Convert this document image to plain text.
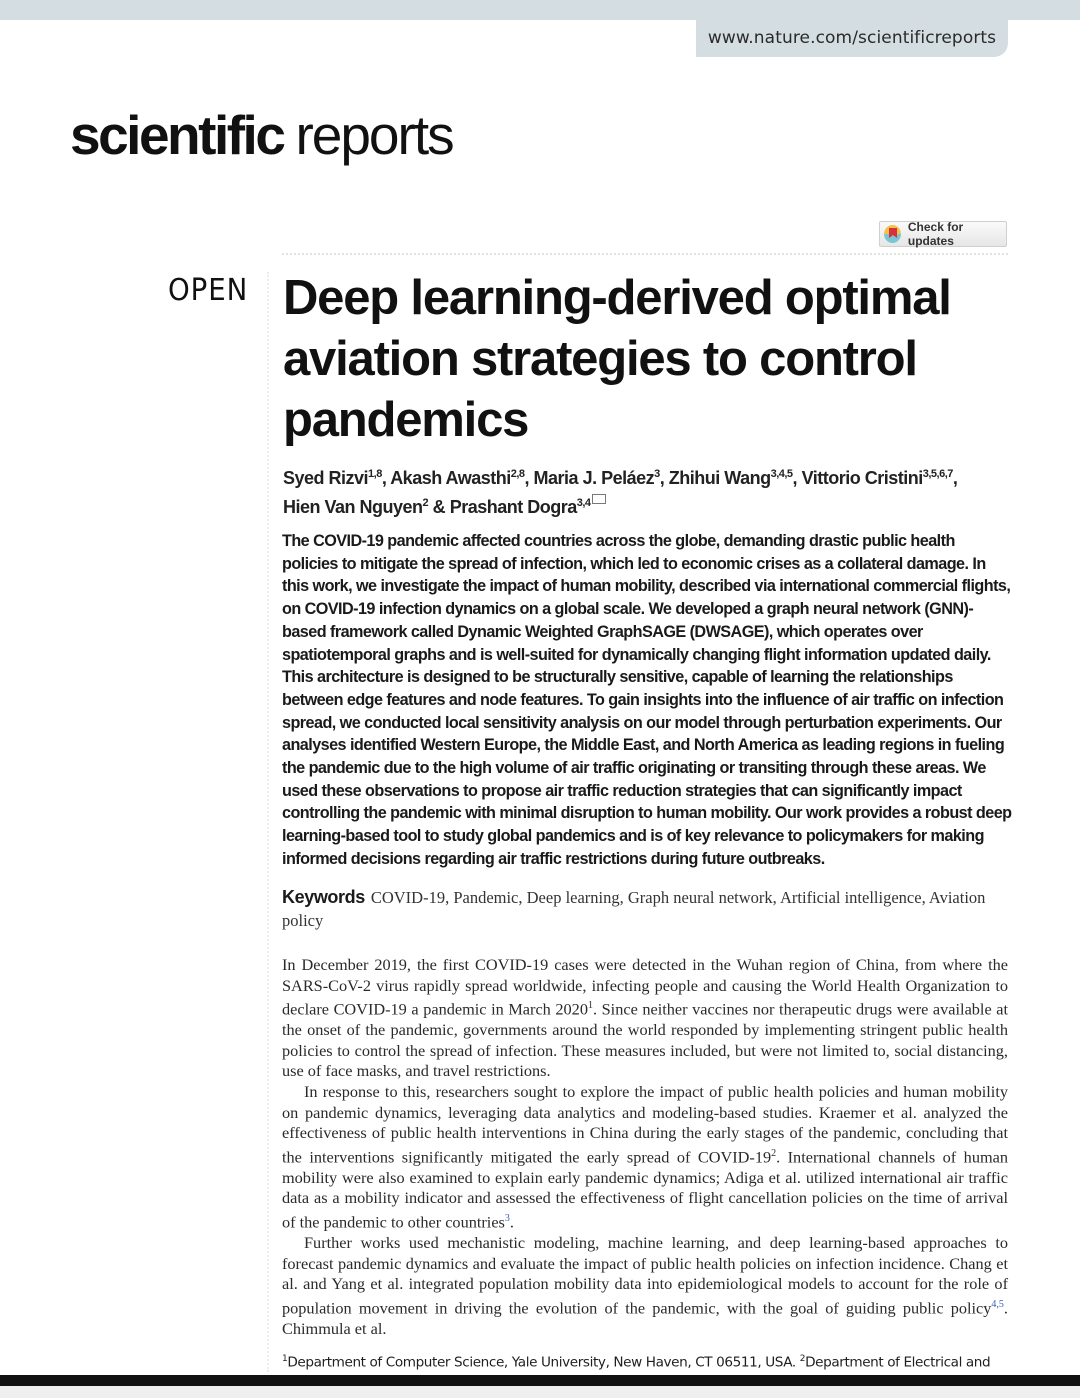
www.nature.com/scientificreports
scientific reports
Check for updates
OPEN Deep learning-derived optimal aviation strategies to control pandemics
Syed Rizvi$^{1,8}$, Akash Awasthi$^{2,8}$, Maria J. Peláez$^3$, Zhihui Wang$^{3,4,5}$, Vittorio Cristini$^{3,5,6,7}$,
Hien Van Nguyen$^2$ & Prashant Dogra$^{3,4}$

The COVID-19 pandemic affected countries across the globe, demanding drastic public health policies to mitigate the spread of infection, which led to economic crises as a collateral damage. In this work, we investigate the impact of human mobility, described via international commercial flights, on COVID-19 infection dynamics on a global scale. We developed a graph neural network (GNN)-based framework called Dynamic Weighted GraphSAGE (DWSAGE), which operates over spatiotemporal graphs and is well-suited for dynamically changing flight information updated daily. This architecture is designed to be structurally sensitive, capable of learning the relationships between edge features and node features. To gain insights into the influence of air traffic on infection spread, we conducted local sensitivity analysis on our model through perturbation experiments. Our analyses identified Western Europe, the Middle East, and North America as leading regions in fueling the pandemic due to the high volume of air traffic originating or transiting through these areas. We used these observations to propose air traffic reduction strategies that can significantly impact controlling the pandemic with minimal disruption to human mobility. Our work provides a robust deep learning-based tool to study global pandemics and is of key relevance to policymakers for making informed decisions regarding air traffic restrictions during future outbreaks.

Keywords COVID-19, Pandemic, Deep learning, Graph neural network, Artificial intelligence, Aviation policy

In December 2019, the first COVID-19 cases were detected in the Wuhan region of China, from where the SARS-CoV-2 virus rapidly spread worldwide, infecting people and causing the World Health Organization to declare COVID-19 a pandemic in March 2020$^1$. Since neither vaccines nor therapeutic drugs were available at the onset of the pandemic, governments around the world responded by implementing stringent public health policies to control the spread of infection. These measures included, but were not limited to, social distancing, use of face masks, and travel restrictions.

In response to this, researchers sought to explore the impact of public health policies and human mobility on pandemic dynamics, leveraging data analytics and modeling-based studies. Kraemer et al. analyzed the effectiveness of public health interventions in China during the early stages of the pandemic, concluding that the interventions significantly mitigated the early spread of COVID-$19^2$. International channels of human mobility were also examined to explain early pandemic dynamics; Adiga et al. utilized international air traffic data as a mobility indicator and assessed the effectiveness of flight cancellation policies on the time of arrival of the pandemic to other countries$^3$.

Further works used mechanistic modeling, machine learning, and deep learning-based approaches to forecast pandemic dynamics and evaluate the impact of public health policies on infection incidence. Chang et al. and Yang et al. integrated population mobility data into epidemiological models to account for the role of population movement in driving the evolution of the pandemic, with the goal of guiding public policy$^{4,5}$. Chimmula et al.

$^1$Department of Computer Science, Yale University, New Haven, CT 06511, USA. $^2$Department of Electrical and
